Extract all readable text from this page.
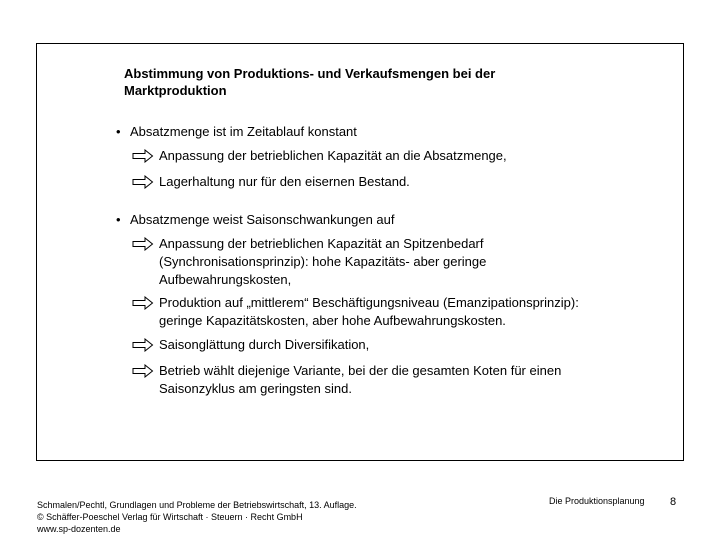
Abstimmung von Produktions- und Verkaufsmengen bei der
Marktproduktion
• Absatzmenge ist im Zeitablauf konstant
Anpassung der betrieblichen Kapazität an die Absatzmenge,
Lagerhaltung nur für den eisernen Bestand.
• Absatzmenge weist Saisonschwankungen auf
Anpassung der betrieblichen Kapazität an Spitzenbedarf
(Synchronisationsprinzip): hohe Kapazitäts- aber geringe
Aufbewahrungskosten,
Produktion auf „mittlerem“ Beschäftigungsniveau (Emanzipationsprinzip):
geringe Kapazitätskosten, aber hohe Aufbewahrungskosten.
Saisonglättung durch Diversifikation,
Betrieb wählt diejenige Variante, bei der die gesamten Koten für einen
Saisonzyklus am geringsten sind.
Schmalen/Pechtl, Grundlagen und Probleme der Betriebswirtschaft, 13. Auflage.
© Schäffer-Poeschel Verlag für Wirtschaft · Steuern · Recht GmbH
www.sp-dozenten.de
Die Produktionsplanung 8
